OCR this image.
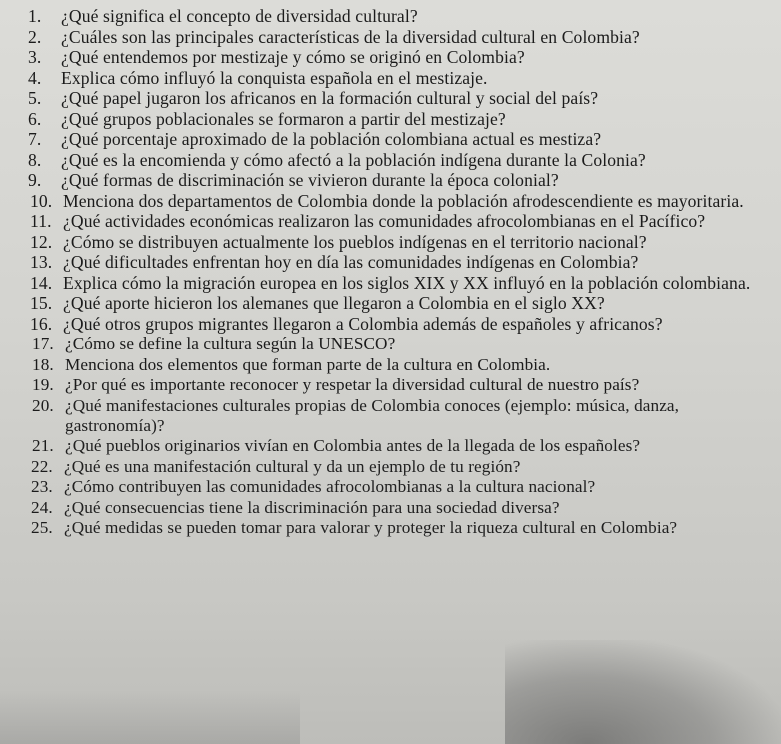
1.	¿Qué significa el concepto de diversidad cultural?
2.	¿Cuáles son las principales características de la diversidad cultural en Colombia?
3.	¿Qué entendemos por mestizaje y cómo se originó en Colombia?
4.	Explica cómo influyó la conquista española en el mestizaje.
5.	¿Qué papel jugaron los africanos en la formación cultural y social del país?
6.	¿Qué grupos poblacionales se formaron a partir del mestizaje?
7.	¿Qué porcentaje aproximado de la población colombiana actual es mestiza?
8.	¿Qué es la encomienda y cómo afectó a la población indígena durante la Colonia?
9.	¿Qué formas de discriminación se vivieron durante la época colonial?
10. Menciona dos departamentos de Colombia donde la población afrodescendiente es mayoritaria.
11. ¿Qué actividades económicas realizaron las comunidades afrocolombianas en el Pacífico?
12. ¿Cómo se distribuyen actualmente los pueblos indígenas en el territorio nacional?
13. ¿Qué dificultades enfrentan hoy en día las comunidades indígenas en Colombia?
14. Explica cómo la migración europea en los siglos XIX y XX influyó en la población colombiana.
15. ¿Qué aporte hicieron los alemanes que llegaron a Colombia en el siglo XX?
16. ¿Qué otros grupos migrantes llegaron a Colombia además de españoles y africanos?
17. ¿Cómo se define la cultura según la UNESCO?
18. Menciona dos elementos que forman parte de la cultura en Colombia.
19. ¿Por qué es importante reconocer y respetar la diversidad cultural de nuestro país?
20. ¿Qué manifestaciones culturales propias de Colombia conoces (ejemplo: música, danza, gastronomía)?
21. ¿Qué pueblos originarios vivían en Colombia antes de la llegada de los españoles?
22. ¿Qué es una manifestación cultural y da un ejemplo de tu región?
23. ¿Cómo contribuyen las comunidades afrocolombianas a la cultura nacional?
24. ¿Qué consecuencias tiene la discriminación para una sociedad diversa?
25. ¿Qué medidas se pueden tomar para valorar y proteger la riqueza cultural en Colombia?
